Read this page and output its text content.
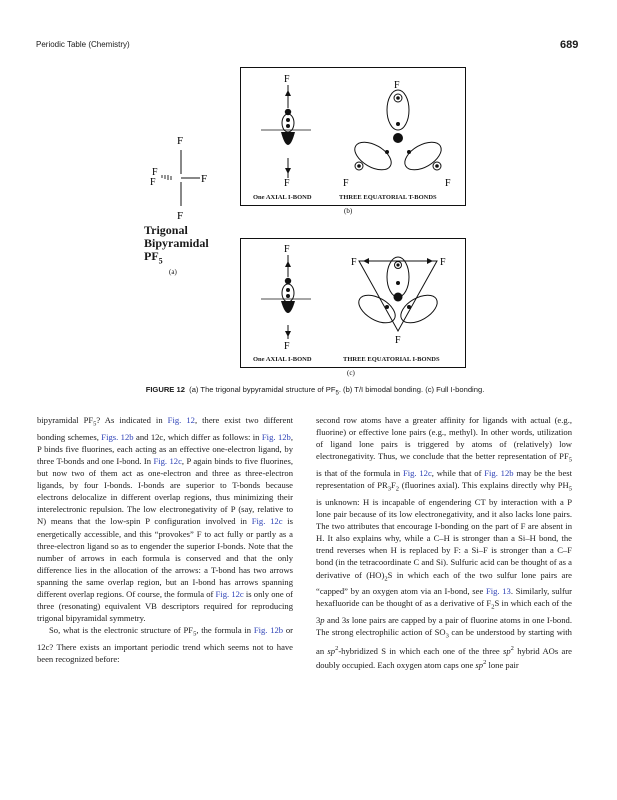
Periodic Table (Chemistry)	689
F
F
F	F
F
Trigonal
Bipyramidal
$PF_5$
(a)
F
F
F
F	F
One AXIAL I-BOND	THREE EQUATORIAL T-BONDS
(b)
F
F
F	F
F
One AXIAL I-BOND	THREE EQUATORIAL I-BONDS
(c)
FIGURE 12 (a) The trigonal bypyramidal structure of $PF_5$. (b) T/I bimodal bonding. (c) Full I-bonding.

bipyramidal $PF_5$? As indicated in Fig. 12, there exist two different bonding schemes, Figs. 12b and 12c, which differ as follows: in Fig. 12b, P binds five fluorines, each acting as an effective one-electron ligand, by three T-bonds and one I-bond. In Fig. 12c, P again binds to five fluorines, but now two of them act as one-electron and three as three-electron ligands, by four I-bonds. I-bonds are superior to T-bonds because electrons delocalize in different overlap regions, thus minimizing their interelectronic repulsion. The low electronegativity of P (say, relative to N) means that the low-spin P configuration involved in Fig. 12c is energetically accessible, and this “provokes” F to act fully or partly as a three-electron ligand so as to engender the superior I-bonds. Note that the number of arrows in each formula is conserved and that the only difference lies in the allocation of the arrows: a T-bond has two arrows spanning the same overlap region, but an I-bond has arrows spanning different overlap regions. Of course, the formula of Fig. 12c is only one of three (resonating) equivalent VB descriptors required for reproducing trigonal bipyramidal symmetry.

So, what is the electronic structure of $PF_5$, the formula in Fig. 12b or 12c? There exists an important periodic trend which seems not to have been recognized before:

second row atoms have a greater affinity for ligands with actual (e.g., fluorine) or effective lone pairs (e.g., methyl). In other words, utilization of ligand lone pairs is triggered by atoms of (relatively) low electronegativity. Thus, we conclude that the better representation of $PF_5$ is that of the formula in Fig. 12c, while that of Fig. 12b may be the best representation of $PR_3F_2$ (fluorines axial). This explains directly why $PH_5$ is unknown: H is incapable of engendering CT by interaction with a P lone pair because of its low electronegativity, and it also lacks lone pairs. The two attributes that encourage I-bonding on the part of F are absent in H. It also explains why, while a C–H is stronger than a Si–H bond, the trend reverses when H is replaced by F: a Si–F is stronger than a C–F bond (in the tetracoordinate C and Si). Sulfuric acid can be thought of as a derivative of $(HO)_2S$ in which each of the two sulfur lone pairs are “capped” by an oxygen atom via an I-bond, see Fig. 13. Similarly, sulfur hexafluoride can be thought of as a derivative of $F_2S$ in which each of the 3p and 3s lone pairs are capped by a pair of fluorine atoms in one I-bond. The strong electrophilic action of $SO_3$ can be understood by starting with an $sp^2$-hybridized S in which each one of the three $sp^2$ hybrid AOs are doubly occupied. Each oxygen atom caps one $sp^2$ lone pair
